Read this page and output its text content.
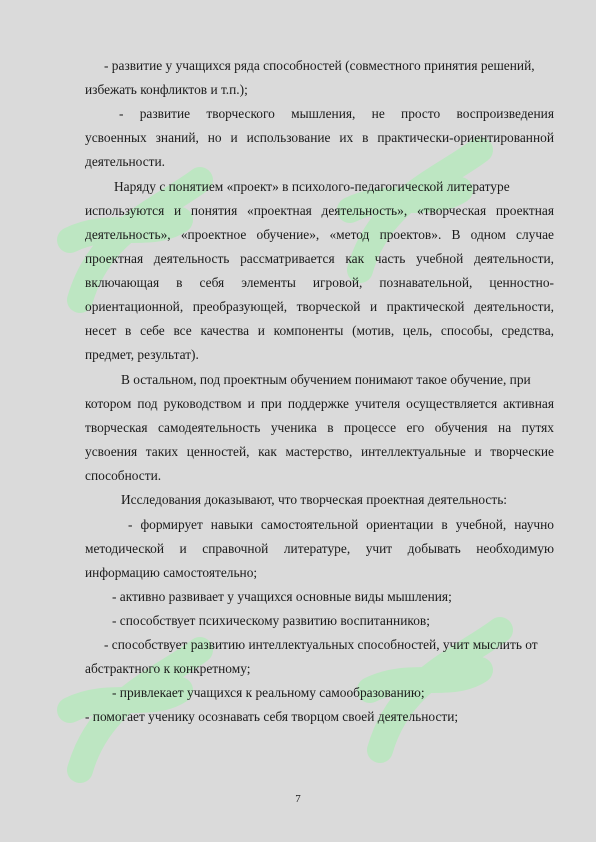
- развитие у учащихся ряда способностей (совместного принятия решений,
избежать конфликтов и т.п.);
- развитие творческого мышления, не просто воспроизведения
усвоенных знаний, но и использование их в практически-ориентированной
деятельности.
Наряду с понятием «проект» в психолого-педагогической литературе
используются и понятия «проектная деятельность», «творческая проектная
деятельность», «проектное обучение», «метод проектов». В одном случае
проектная деятельность рассматривается как часть учебной деятельности,
включающая в себя элементы игровой, познавательной, ценностно-
ориентационной, преобразующей, творческой и практической деятельности,
несет в себе все качества и компоненты (мотив, цель, способы, средства,
предмет, результат).
В остальном, под проектным обучением понимают такое обучение, при
котором под руководством и при поддержке учителя осуществляется активная
творческая самодеятельность ученика в процессе его обучения на путях
усвоения таких ценностей, как мастерство, интеллектуальные и творческие
способности.
Исследования доказывают, что творческая проектная деятельность:
- формирует навыки самостоятельной ориентации в учебной, научно
методической и справочной литературе, учит добывать необходимую
информацию самостоятельно;
- активно развивает у учащихся основные виды мышления;
- способствует психическому развитию воспитанников;
- способствует развитию интеллектуальных способностей, учит мыслить от
абстрактного к конкретному;
- привлекает учащихся к реальному самообразованию;
- помогает ученику осознавать себя творцом своей деятельности;
7
